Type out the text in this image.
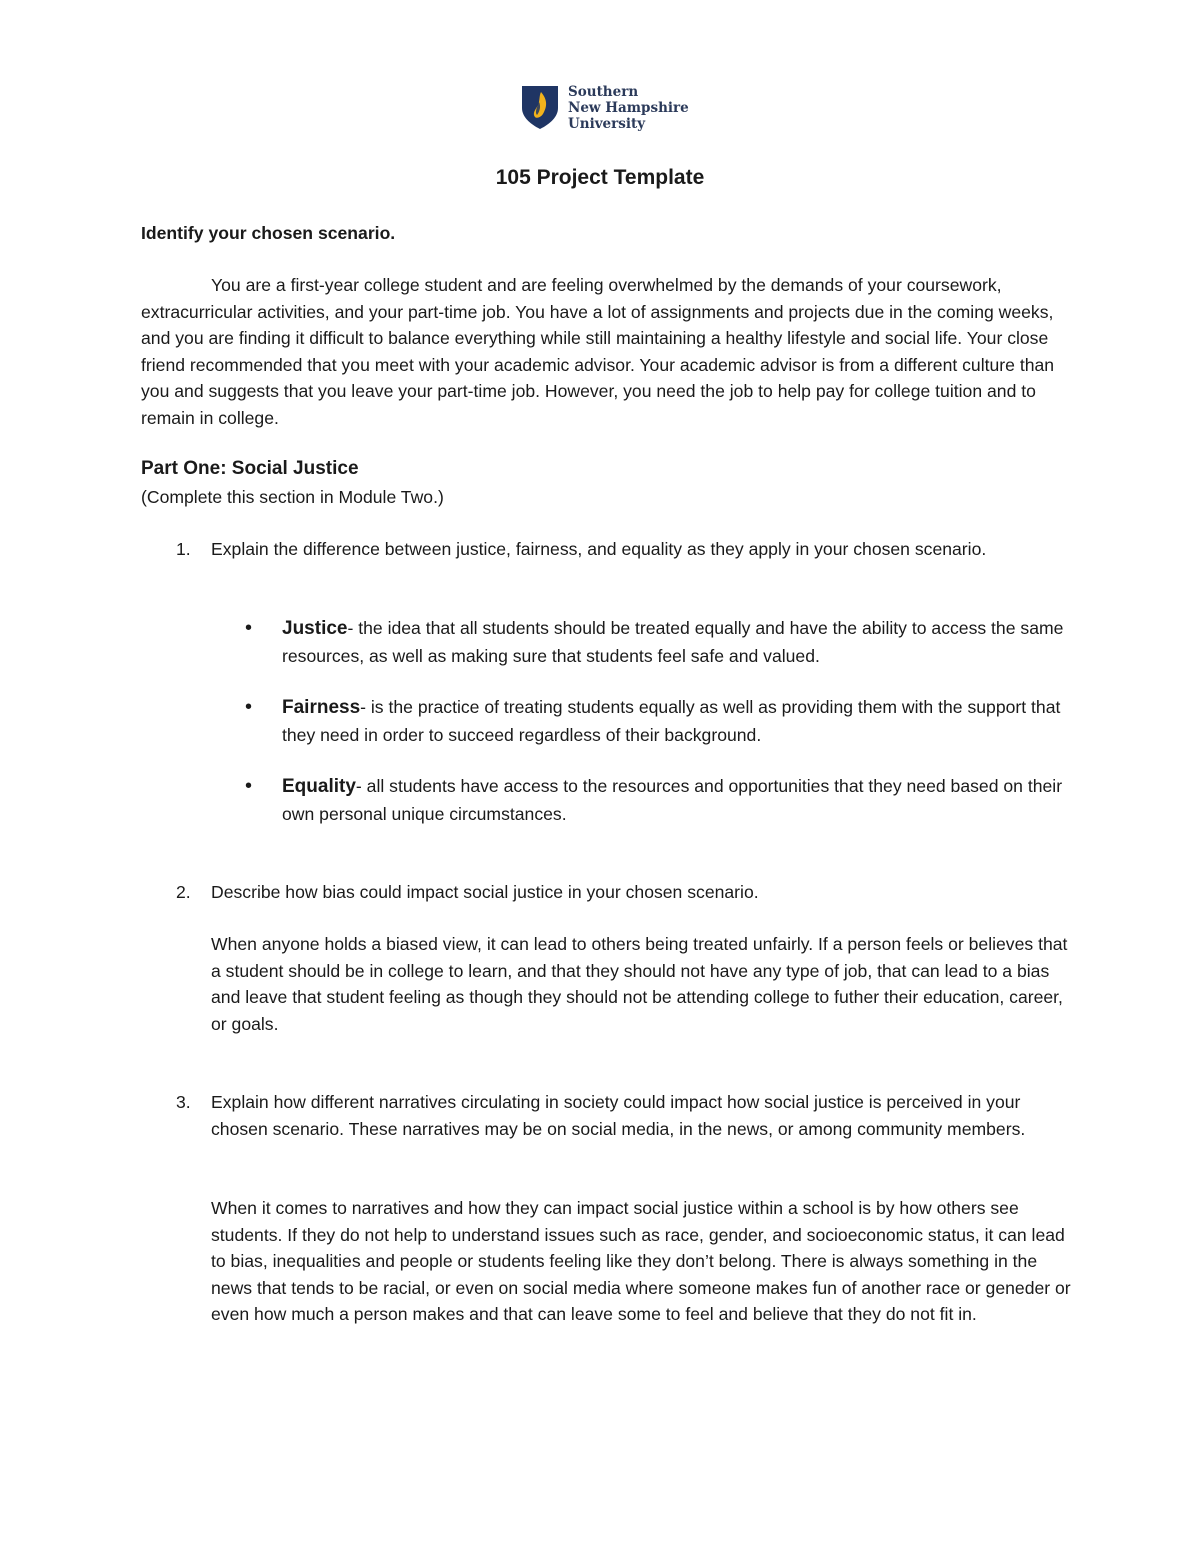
Southern
New Hampshire
University
105 Project Template
Identify your chosen scenario.
You are a first-year college student and are feeling overwhelmed by the demands of your coursework, extracurricular activities, and your part-time job. You have a lot of assignments and projects due in the coming weeks, and you are finding it difficult to balance everything while still maintaining a healthy lifestyle and social life. Your close friend recommended that you meet with your academic advisor. Your academic advisor is from a different culture than you and suggests that you leave your part-time job. However, you need the job to help pay for college tuition and to remain in college.
Part One: Social Justice
(Complete this section in Module Two.)
1.	Explain the difference between justice, fairness, and equality as they apply in your chosen scenario.
• Justice- the idea that all students should be treated equally and have the ability to access the same resources, as well as making sure that students feel safe and valued.
• Fairness- is the practice of treating students equally as well as providing them with the support that they need in order to succeed regardless of their background.
• Equality- all students have access to the resources and opportunities that they need based on their own personal unique circumstances.
2.	Describe how bias could impact social justice in your chosen scenario.
When anyone holds a biased view, it can lead to others being treated unfairly. If a person feels or believes that a student should be in college to learn, and that they should not have any type of job, that can lead to a bias and leave that student feeling as though they should not be attending college to futher their education, career, or goals.
3.	Explain how different narratives circulating in society could impact how social justice is perceived in your chosen scenario. These narratives may be on social media, in the news, or among community members.
When it comes to narratives and how they can impact social justice within a school is by how others see students. If they do not help to understand issues such as race, gender, and socioeconomic status, it can lead to bias, inequalities and people or students feeling like they don’t belong. There is always something in the news that tends to be racial, or even on social media where someone makes fun of another race or geneder or even how much a person makes and that can leave some to feel and believe that they do not fit in.
